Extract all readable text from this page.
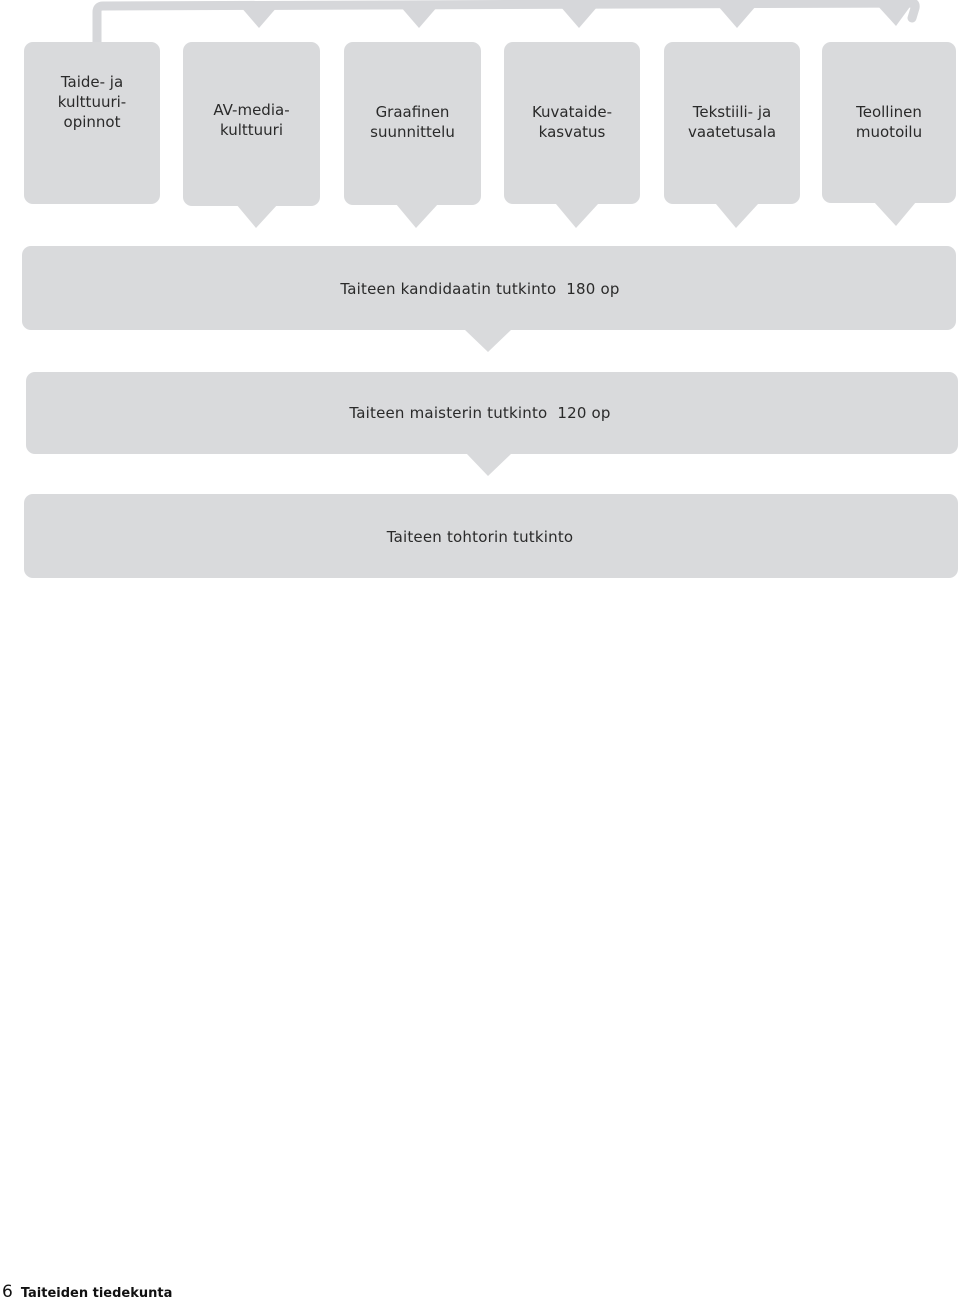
Taide- ja
kulttuuri-
opinnot
AV-media-
kulttuuri
Graafinen
suunnittelu
Kuvataide-
kasvatus
Tekstiili- ja
vaatetusala
Teollinen
muotoilu
Taiteen kandidaatin tutkinto  180 op
Taiteen maisterin tutkinto  120 op
Taiteen tohtorin tutkinto
6 Taiteiden tiedekunta
